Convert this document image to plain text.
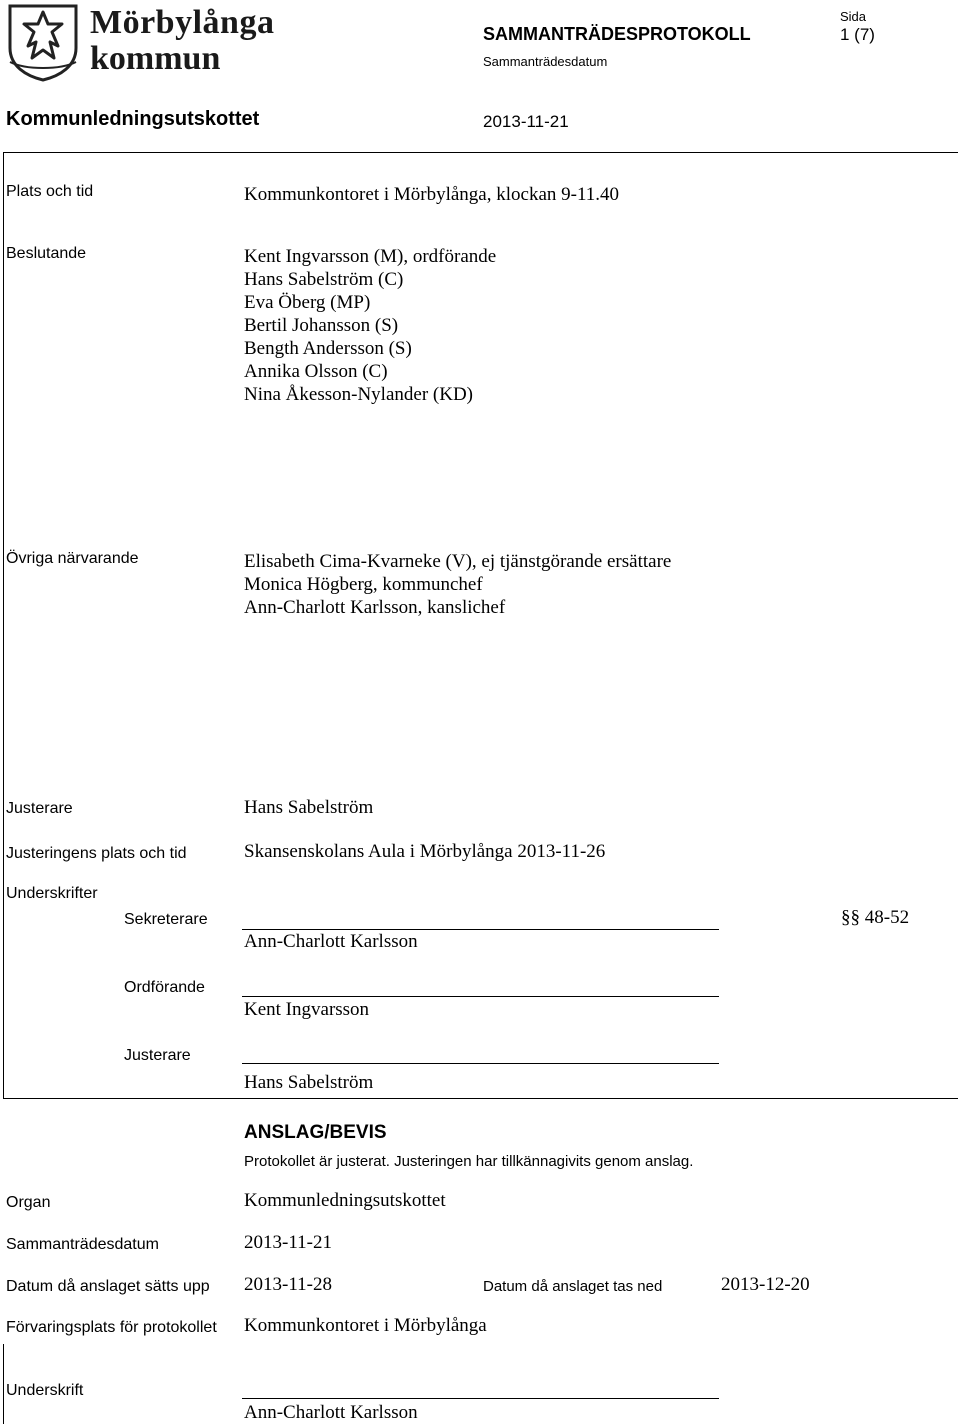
Mörbylånga
kommun
SAMMANTRÄDESPROTOKOLL
Sammanträdesdatum
Sida
1 (7)
Kommunledningsutskottet	2013-11-21
Plats och tid	Kommunkontoret i Mörbylånga, klockan 9-11.40
Beslutande	Kent Ingvarsson (M), ordförande
Hans Sabelström (C)
Eva Öberg (MP)
Bertil Johansson (S)
Bength Andersson (S)
Annika Olsson (C)
Nina Åkesson-Nylander (KD)
Övriga närvarande	Elisabeth Cima-Kvarneke (V), ej tjänstgörande ersättare
Monica Högberg, kommunchef
Ann-Charlott Karlsson, kanslichef
Justerare	Hans Sabelström
Justeringens plats och tid	Skansenskolans Aula i Mörbylånga 2013-11-26
Underskrifter
Sekreterare
Ann-Charlott Karlsson
§§ 48-52
Ordförande
Kent Ingvarsson
Justerare
Hans Sabelström
ANSLAG/BEVIS
Protokollet är justerat. Justeringen har tillkännagivits genom anslag.
Organ	Kommunledningsutskottet
Sammanträdesdatum	2013-11-21
Datum då anslaget sätts upp 2013-11-28	Datum då anslaget tas ned	2013-12-20
Förvaringsplats för protokollet Kommunkontoret i Mörbylånga
Underskrift
Ann-Charlott Karlsson
